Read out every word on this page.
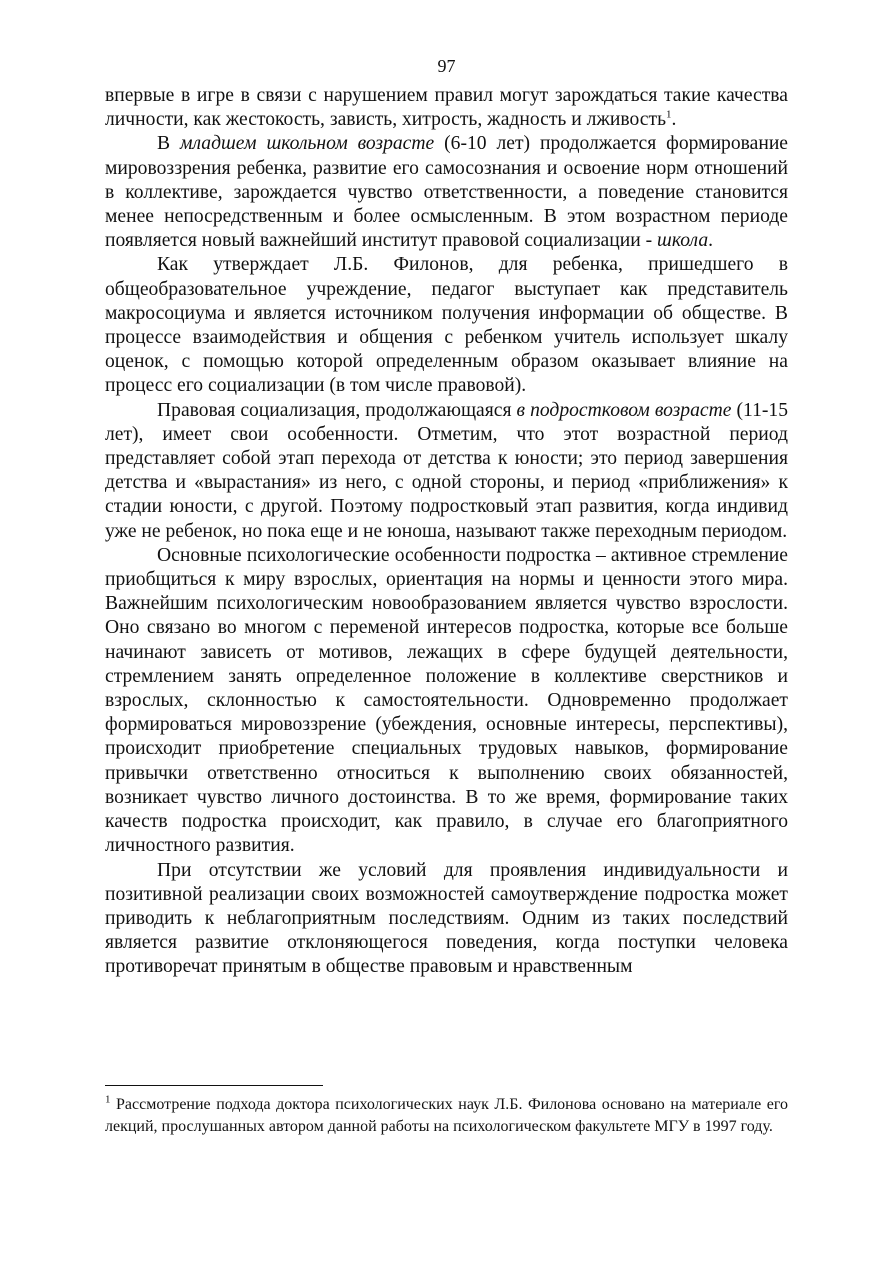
97

впервые в игре в связи с нарушением правил могут зарождаться такие качества личности, как жестокость, зависть, хитрость, жадность и лживость$^1$.

В младшем школьном возрасте (6-10 лет) продолжается формирование мировоззрения ребенка, развитие его самосознания и освоение норм отношений в коллективе, зарождается чувство ответственности, а поведение становится менее непосредственным и более осмысленным. В этом возрастном периоде появляется новый важнейший институт правовой социализации - школа.

Как утверждает Л.Б. Филонов, для ребенка, пришедшего в общеобразовательное учреждение, педагог выступает как представитель макросоциума и является источником получения информации об обществе. В процессе взаимодействия и общения с ребенком учитель использует шкалу оценок, с помощью которой определенным образом оказывает влияние на процесс его социализации (в том числе правовой).

Правовая социализация, продолжающаяся в подростковом возрасте (11-15 лет), имеет свои особенности. Отметим, что этот возрастной период представляет собой этап перехода от детства к юности; это период завершения детства и «вырастания» из него, с одной стороны, и период «приближения» к стадии юности, с другой. Поэтому подростковый этап развития, когда индивид уже не ребенок, но пока еще и не юноша, называют также переходным периодом.

Основные психологические особенности подростка – активное стремление приобщиться к миру взрослых, ориентация на нормы и ценности этого мира. Важнейшим психологическим новообразованием является чувство взрослости. Оно связано во многом с переменой интересов подростка, которые все больше начинают зависеть от мотивов, лежащих в сфере будущей деятельности, стремлением занять определенное положение в коллективе сверстников и взрослых, склонностью к самостоятельности. Одновременно продолжает формироваться мировоззрение (убеждения, основные интересы, перспективы), происходит приобретение специальных трудовых навыков, формирование привычки ответственно относиться к выполнению своих обязанностей, возникает чувство личного достоинства. В то же время, формирование таких качеств подростка происходит, как правило, в случае его благоприятного личностного развития.

При отсутствии же условий для проявления индивидуальности и позитивной реализации своих возможностей самоутверждение подростка может приводить к неблагоприятным последствиям. Одним из таких последствий является развитие отклоняющегося поведения, когда поступки человека противоречат принятым в обществе правовым и нравственным

$^1$ Рассмотрение подхода доктора психологических наук Л.Б. Филонова основано на материале его лекций, прослушанных автором данной работы на психологическом факультете МГУ в 1997 году.
